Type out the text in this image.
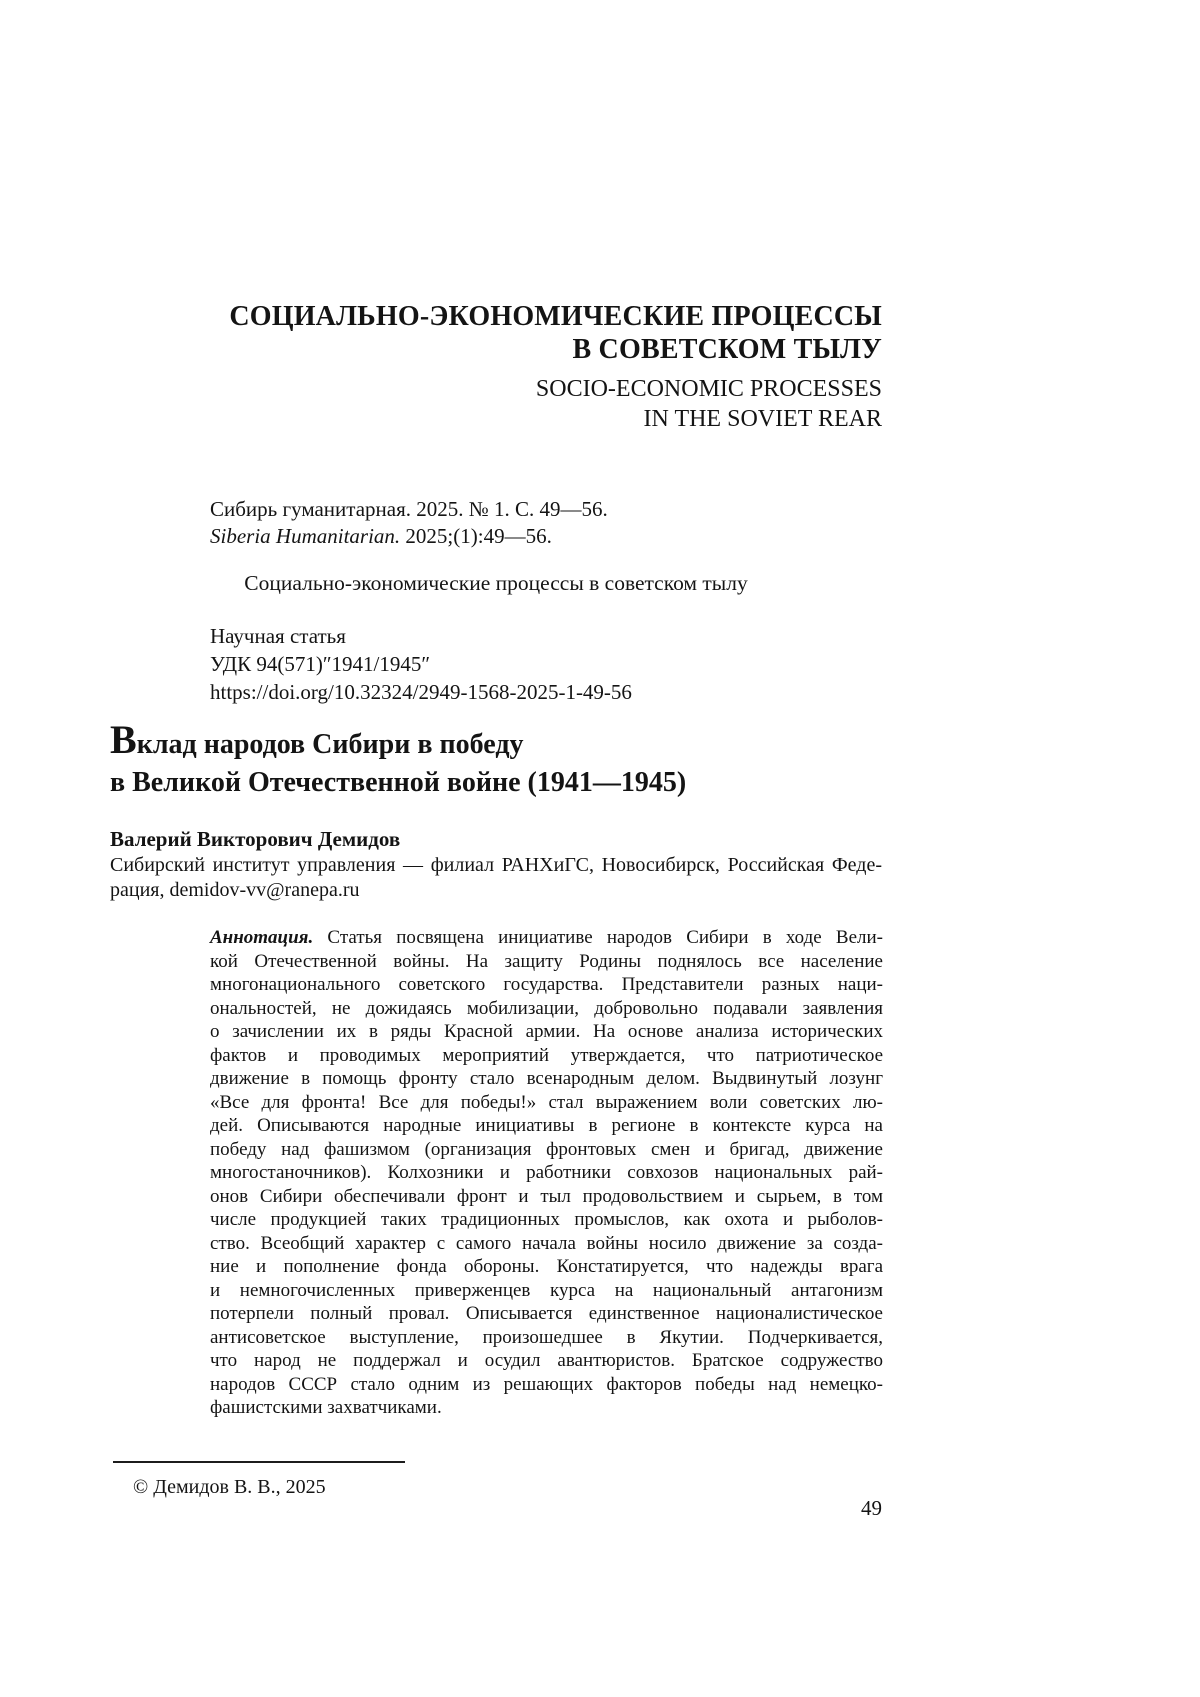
СОЦИАЛЬНО-ЭКОНОМИЧЕСКИЕ ПРОЦЕССЫ
В СОВЕТСКОМ ТЫЛУ
SOCIO-ECONOMIC PROCESSES
IN THE SOVIET REAR
Сибирь гуманитарная. 2025. № 1. С. 49—56.
Siberia Humanitarian. 2025;(1):49—56.
Социально-экономические процессы в советском тылу
Научная статья
УДК 94(571)″1941/1945″
https://doi.org/10.32324/2949-1568-2025-1-49-56
Вклад народов Сибири в победу
в Великой Отечественной войне (1941—1945)
Валерий Викторович Демидов
Сибирский институт управления — филиал РАНХиГС, Новосибирск, Российская Феде-
рация, demidov-vv@ranepa.ru
Аннотация. Статья посвящена инициативе народов Сибири в ходе Вели-
кой Отечественной войны. На защиту Родины поднялось все население
многонационального советского государства. Представители разных наци-
ональностей, не дожидаясь мобилизации, добровольно подавали заявления
о зачислении их в ряды Красной армии. На основе анализа исторических
фактов и проводимых мероприятий утверждается, что патриотическое
движение в помощь фронту стало всенародным делом. Выдвинутый лозунг
«Все для фронта! Все для победы!» стал выражением воли советских лю-
дей. Описываются народные инициативы в регионе в контексте курса на
победу над фашизмом (организация фронтовых смен и бригад, движение
многостаночников). Колхозники и работники совхозов национальных рай-
онов Сибири обеспечивали фронт и тыл продовольствием и сырьем, в том
числе продукцией таких традиционных промыслов, как охота и рыболов-
ство. Всеобщий характер с самого начала войны носило движение за созда-
ние и пополнение фонда обороны. Констатируется, что надежды врага
и немногочисленных приверженцев курса на национальный антагонизм
потерпели полный провал. Описывается единственное националистическое
антисоветское выступление, произошедшее в Якутии. Подчеркивается,
что народ не поддержал и осудил авантюристов. Братское содружество
народов СССР стало одним из решающих факторов победы над немецко-
фашистскими захватчиками.
© Демидов В. В., 2025
49
